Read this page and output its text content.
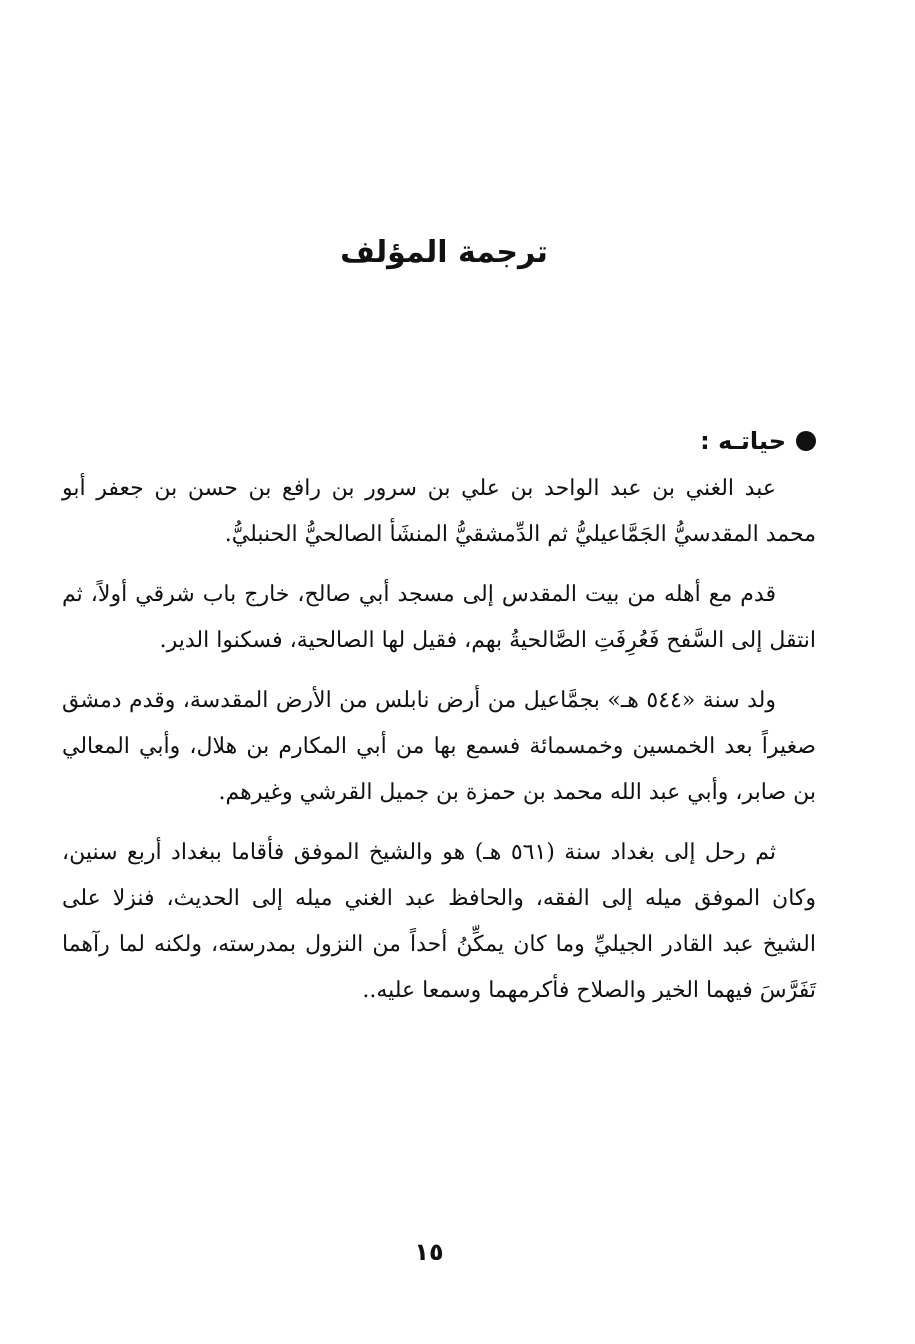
ترجمة المؤلف
حياتـه :

عبد الغني بن عبد الواحد بن علي بن سرور بن رافع بن حسن بن جعفر أبو محمد المقدسيُّ الجَمَّاعيليُّ ثم الدِّمشقيُّ المنشَأ الصالحيُّ الحنبليُّ.

قدم مع أهله من بيت المقدس إلى مسجد أبي صالح، خارج باب شرقي أولاً، ثم انتقل إلى السَّفح فَعُرِفَتِ الصَّالحيةُ بهم، فقيل لها الصالحية، فسكنوا الدير.

ولد سنة «٥٤٤ هـ» بجمَّاعيل من أرض نابلس من الأرض المقدسة، وقدم دمشق صغيراً بعد الخمسين وخمسمائة فسمع بها من أبي المكارم بن هلال، وأبي المعالي بن صابر، وأبي عبد الله محمد بن حمزة بن جميل القرشي وغيرهم.

ثم رحل إلى بغداد سنة (٥٦١ هـ) هو والشيخ الموفق فأقاما ببغداد أربع سنين، وكان الموفق ميله إلى الفقه، والحافظ عبد الغني ميله إلى الحديث، فنزلا على الشيخ عبد القادر الجيليِّ وما كان يمكِّنُ أحداً من النزول بمدرسته، ولكنه لما رآهما تَفَرَّسَ فيهما الخير والصلاح فأكرمهما وسمعا عليه..

١٥
